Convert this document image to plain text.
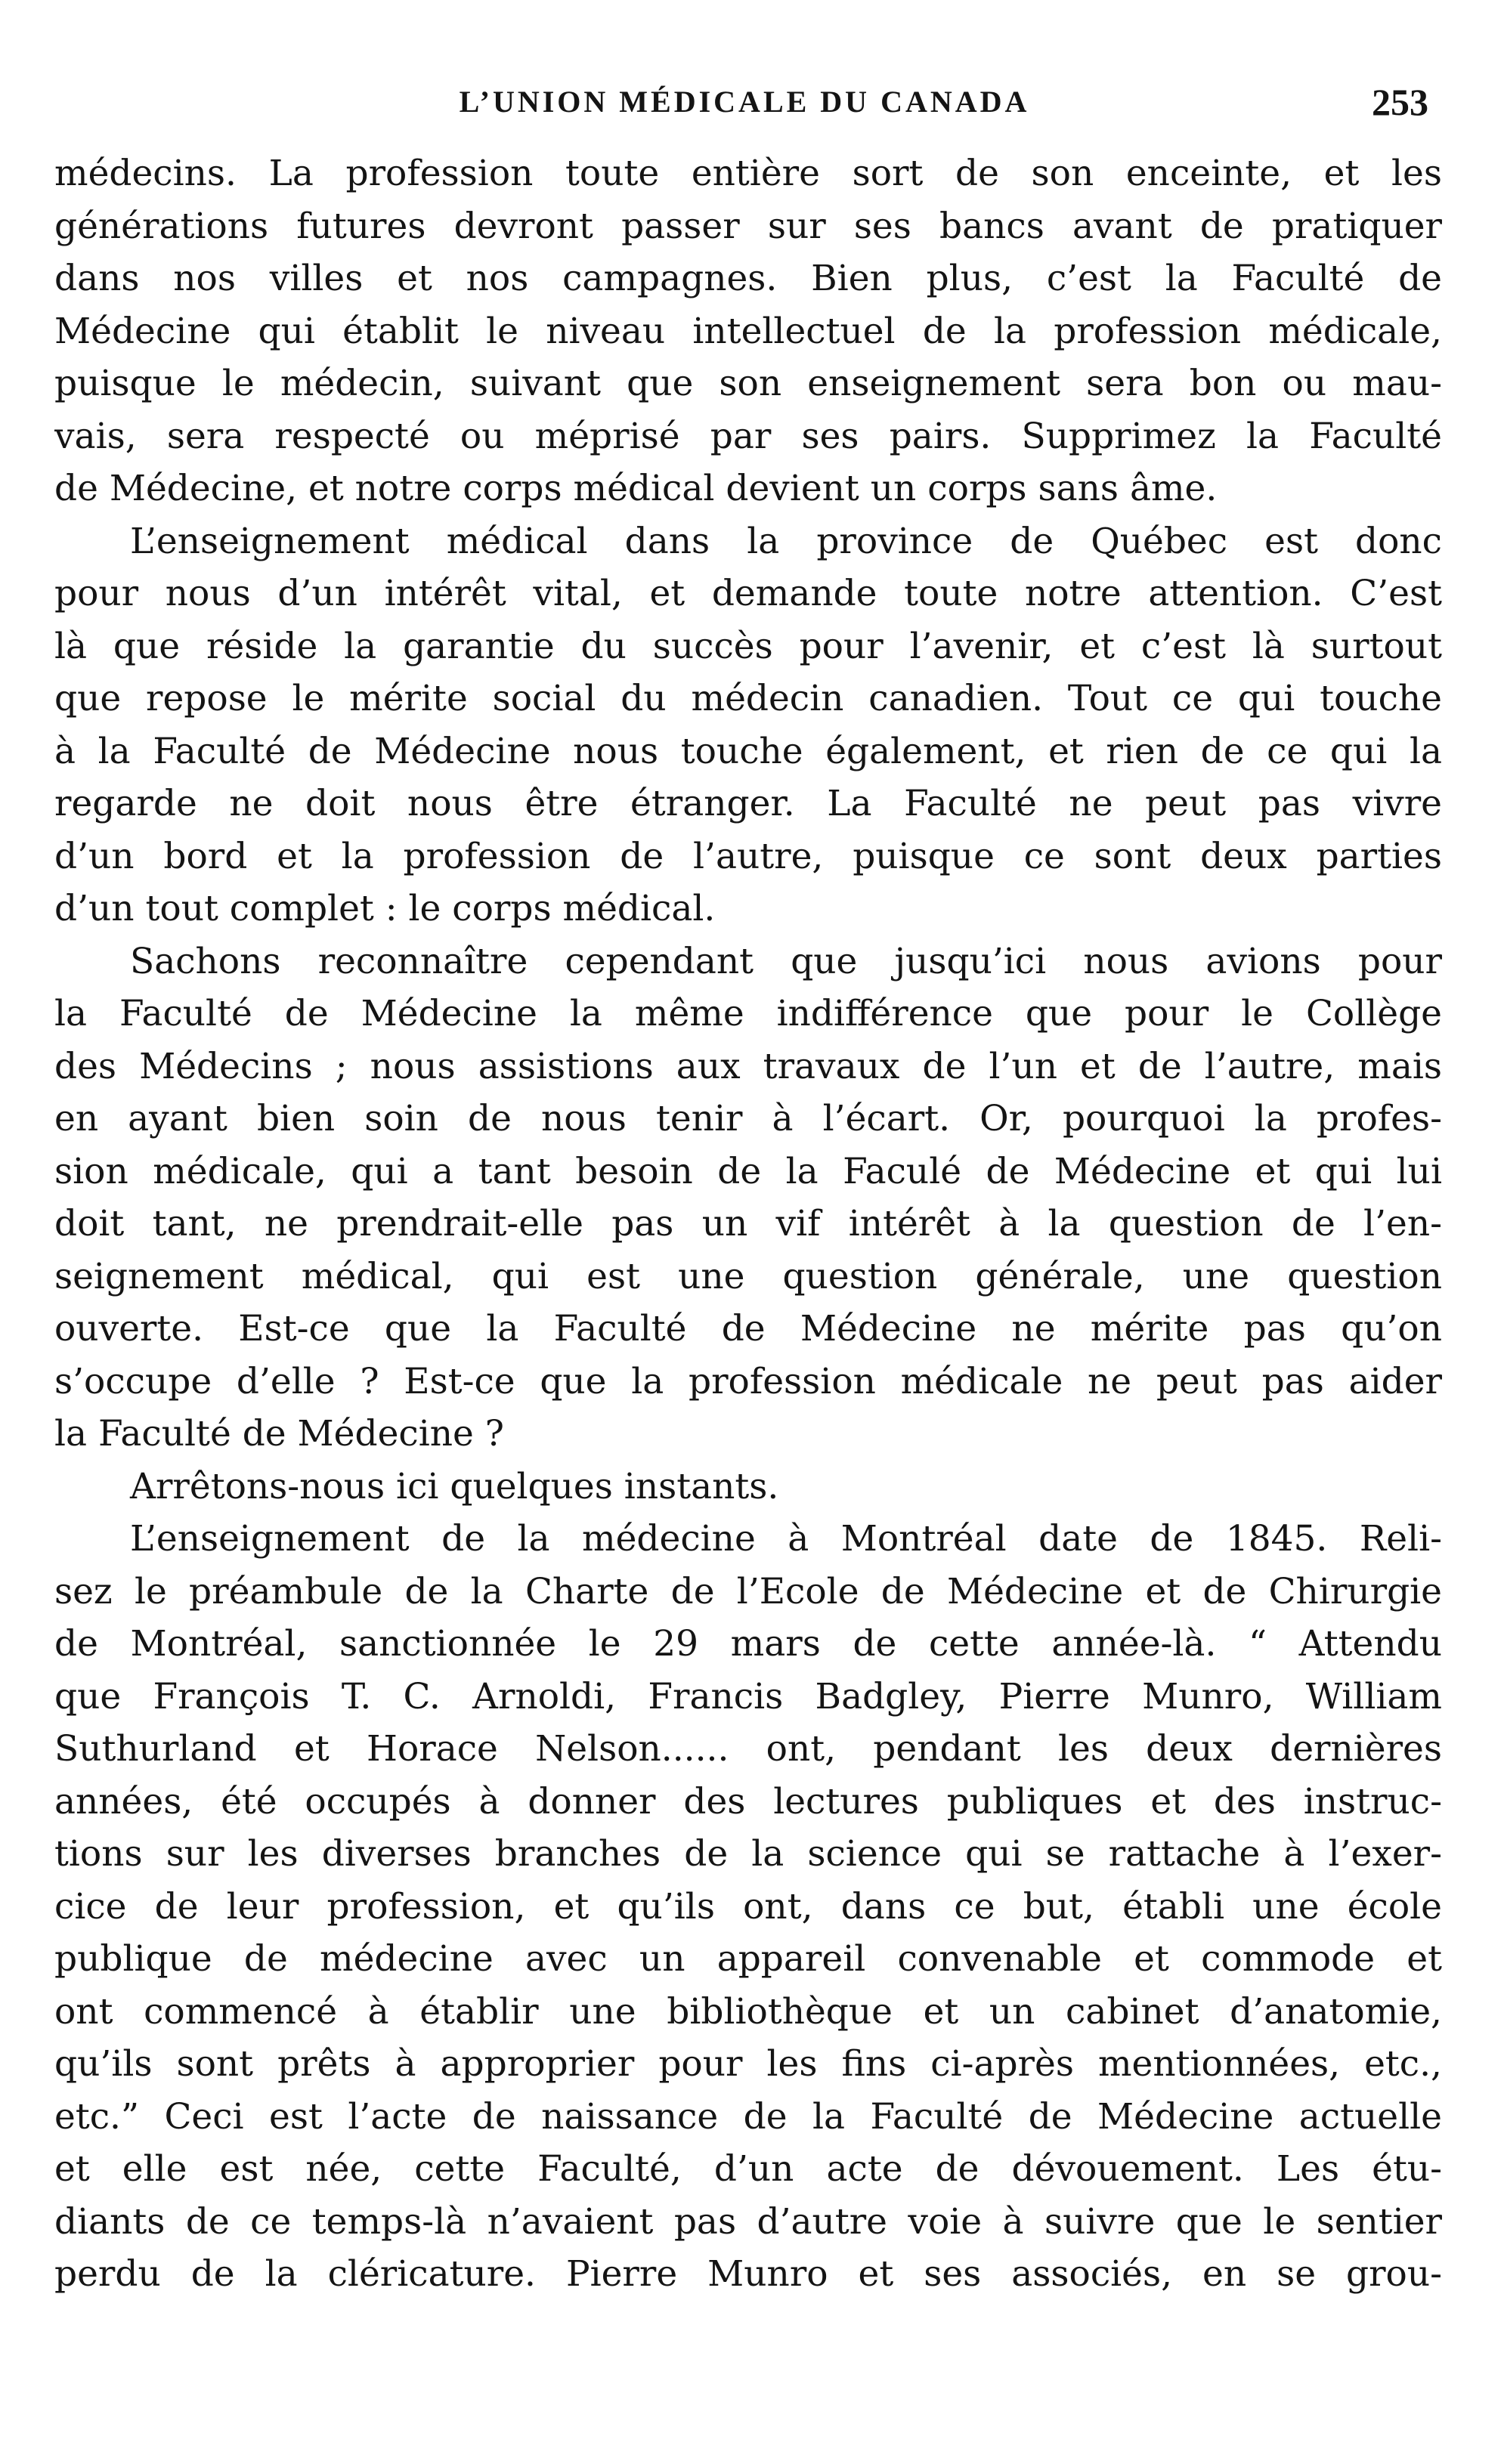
L’UNION MÉDICALE DU CANADA	253
médecins. La profession toute entière sort de son enceinte, et les
générations futures devront passer sur ses bancs avant de pratiquer
dans nos villes et nos campagnes. Bien plus, c’est la Faculté de
Médecine qui établit le niveau intellectuel de la profession médicale,
puisque le médecin, suivant que son enseignement sera bon ou mau-
vais, sera respecté ou méprisé par ses pairs. Supprimez la Faculté
de Médecine, et notre corps médical devient un corps sans âme.
L’enseignement médical dans la province de Québec est donc
pour nous d’un intérêt vital, et demande toute notre attention. C’est
là que réside la garantie du succès pour l’avenir, et c’est là surtout
que repose le mérite social du médecin canadien. Tout ce qui touche
à la Faculté de Médecine nous touche également, et rien de ce qui la
regarde ne doit nous être étranger. La Faculté ne peut pas vivre
d’un bord et la profession de l’autre, puisque ce sont deux parties
d’un tout complet : le corps médical.
Sachons reconnaître cependant que jusqu’ici nous avions pour
la Faculté de Médecine la même indifférence que pour le Collège
des Médecins ; nous assistions aux travaux de l’un et de l’autre, mais
en ayant bien soin de nous tenir à l’écart. Or, pourquoi la profes-
sion médicale, qui a tant besoin de la Faculé de Médecine et qui lui
doit tant, ne prendrait-elle pas un vif intérêt à la question de l’en-
seignement médical, qui est une question générale, une question
ouverte. Est-ce que la Faculté de Médecine ne mérite pas qu’on
s’occupe d’elle ? Est-ce que la profession médicale ne peut pas aider
la Faculté de Médecine ?
Arrêtons-nous ici quelques instants.
L’enseignement de la médecine à Montréal date de 1845. Reli-
sez le préambule de la Charte de l’Ecole de Médecine et de Chirurgie
de Montréal, sanctionnée le 29 mars de cette année-là. “ Attendu
que François T. C. Arnoldi, Francis Badgley, Pierre Munro, William
Suthurland et Horace Nelson...... ont, pendant les deux dernières
années, été occupés à donner des lectures publiques et des instruc-
tions sur les diverses branches de la science qui se rattache à l’exer-
cice de leur profession, et qu’ils ont, dans ce but, établi une école
publique de médecine avec un appareil convenable et commode et
ont commencé à établir une bibliothèque et un cabinet d’anatomie,
qu’ils sont prêts à approprier pour les fins ci-après mentionnées, etc.,
etc.” Ceci est l’acte de naissance de la Faculté de Médecine actuelle
et elle est née, cette Faculté, d’un acte de dévouement. Les étu-
diants de ce temps-là n’avaient pas d’autre voie à suivre que le sentier
perdu de la cléricature. Pierre Munro et ses associés, en se grou-
